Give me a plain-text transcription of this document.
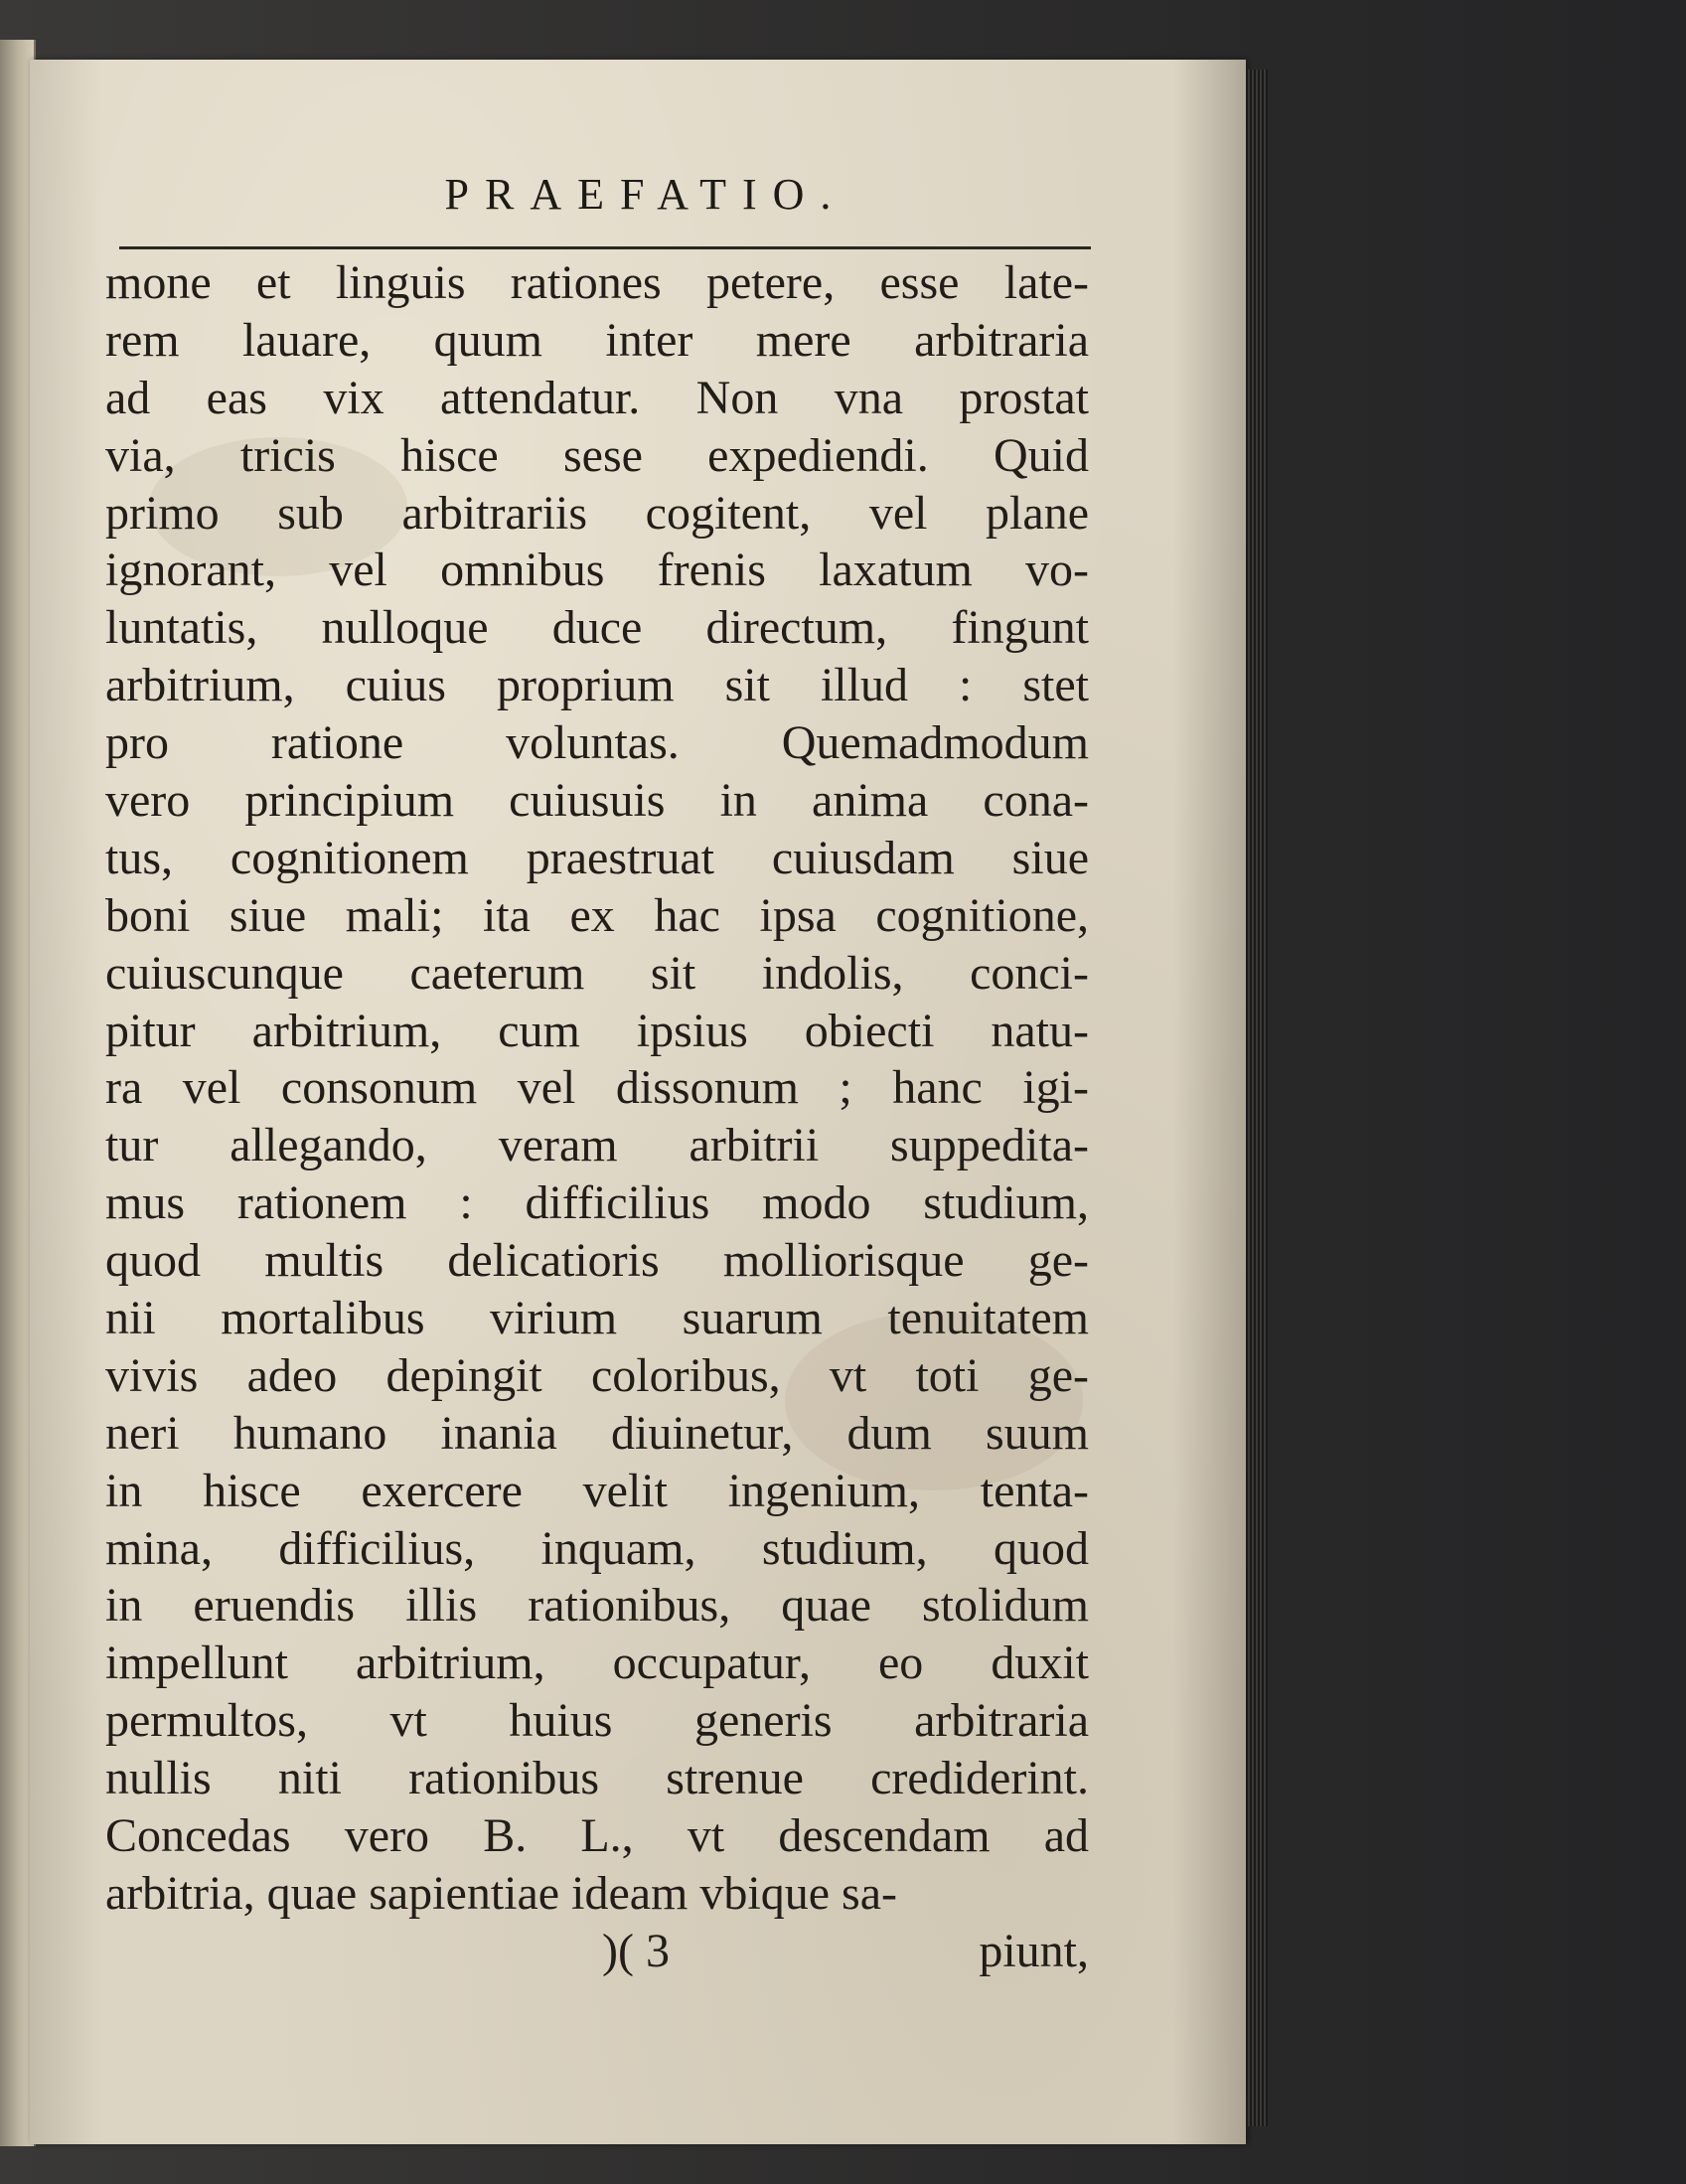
PRAEFATIO.
mone et linguis rationes petere, esse late-
rem lauare, quum inter mere arbitraria
ad eas vix attendatur. Non vna prostat
via, tricis hisce sese expediendi. Quid
primo sub arbitrariis cogitent, vel plane
ignorant, vel omnibus frenis laxatum vo-
luntatis, nulloque duce directum, fingunt
arbitrium, cuius proprium sit illud : stet
pro ratione voluntas. Quemadmodum
vero principium cuiusuis in anima cona-
tus, cognitionem praestruat cuiusdam siue
boni siue mali; ita ex hac ipsa cognitione,
cuiuscunque caeterum sit indolis, conci-
pitur arbitrium, cum ipsius obiecti natu-
ra vel consonum vel dissonum ; hanc igi-
tur allegando, veram arbitrii suppedita-
mus rationem : difficilius modo studium,
quod multis delicatioris molliorisque ge-
nii mortalibus virium suarum tenuitatem
vivis adeo depingit coloribus, vt toti ge-
neri humano inania diuinetur, dum suum
in hisce exercere velit ingenium, tenta-
mina, difficilius, inquam, studium, quod
in eruendis illis rationibus, quae stolidum
impellunt arbitrium, occupatur, eo duxit
permultos, vt huius generis arbitraria
nullis niti rationibus strenue crediderint.
Concedas vero B. L., vt descendam ad
arbitria, quae sapientiae ideam vbique sa-
)( 3	piunt,
